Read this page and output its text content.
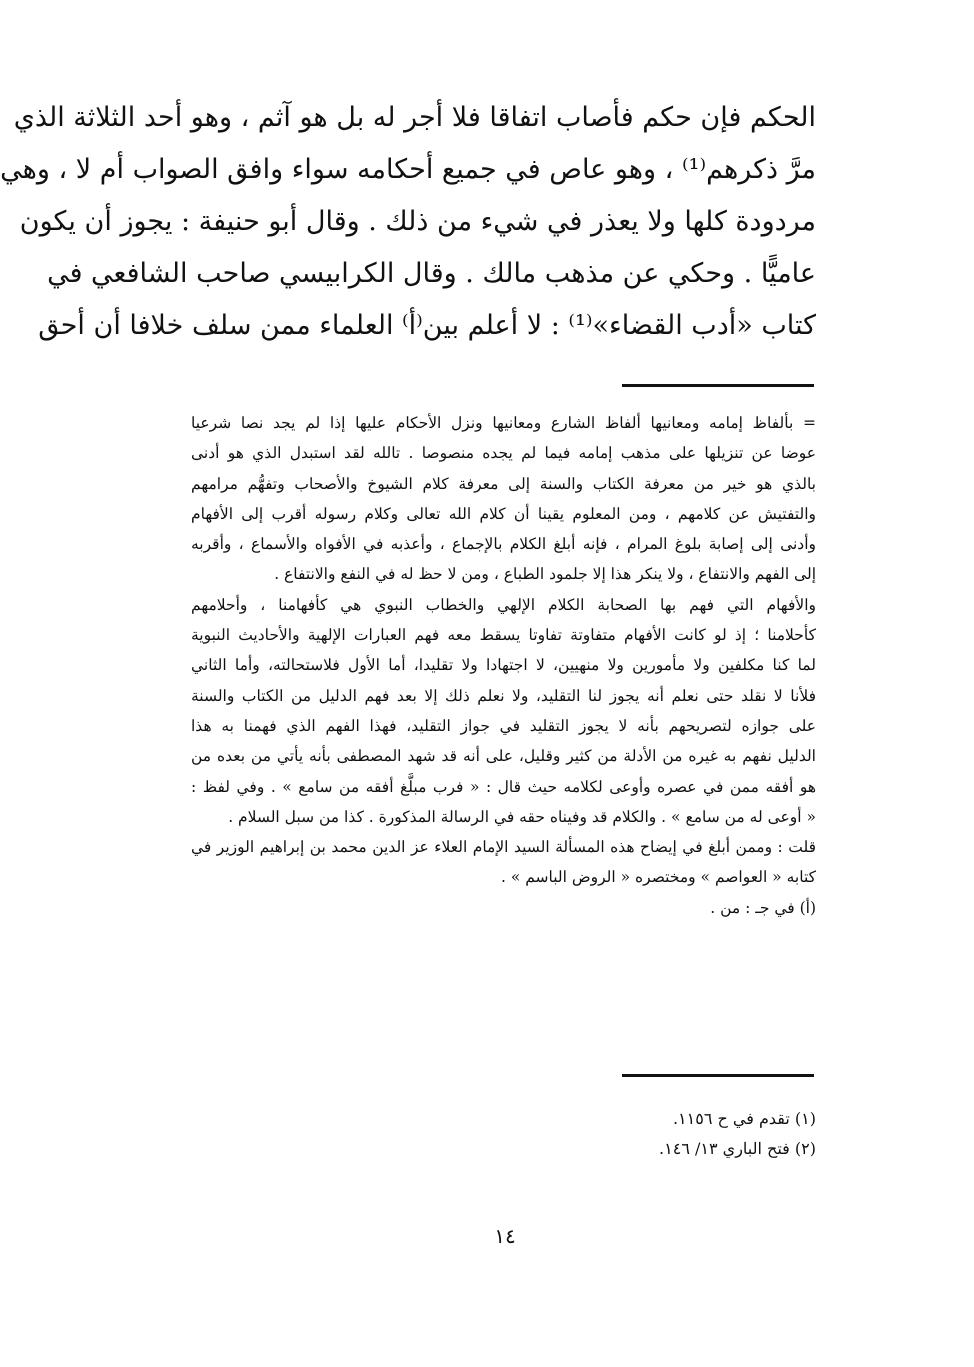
الحكم فإن حكم فأصاب اتفاقا فلا أجر له بل هو آثم ، وهو أحد الثلاثة الذي

مرَّ ذكرهم⁽¹⁾ ، وهو عاص في جميع أحكامه سواء وافق الصواب أم لا ، وهي

مردودة كلها ولا يعذر في شيء من ذلك . وقال أبو حنيفة : يجوز أن يكون

عاميًّا . وحكي عن مذهب مالك . وقال الكرابيسي صاحب الشافعي في

كتاب «أدب القضاء»⁽¹⁾ : لا أعلم بين⁽أ⁾ العلماء ممن سلف خلافا أن أحق

= بألفاظ إمامه ومعانيها ألفاظ الشارع ومعانيها ونزل الأحكام عليها إذا لم يجد نصا شرعيا

عوضا عن تنزيلها على مذهب إمامه فيما لم يجده منصوصا . تالله لقد استبدل الذي هو أدنى

بالذي هو خير من معرفة الكتاب والسنة إلى معرفة كلام الشيوخ والأصحاب وتفهُّم مرامهم

والتفتيش عن كلامهم ، ومن المعلوم يقينا أن كلام الله تعالى وكلام رسوله أقرب إلى الأفهام

وأدنى إلى إصابة بلوغ المرام ، فإنه أبلغ الكلام بالإجماع ، وأعذبه في الأفواه والأسماع ، وأقربه

إلى الفهم والانتفاع ، ولا ينكر هذا إلا جلمود الطباع ، ومن لا حظ له في النفع والانتفاع .

والأفهام التي فهم بها الصحابة الكلام الإلهي والخطاب النبوي هي كأفهامنا ، وأحلامهم

كأحلامنا ؛ إذ لو كانت الأفهام متفاوتة تفاوتا يسقط معه فهم العبارات الإلهية والأحاديث النبوية

لما كنا مكلفين ولا مأمورين ولا منهيين، لا اجتهادا ولا تقليدا، أما الأول فلاستحالته، وأما الثاني

فلأنا لا نقلد حتى نعلم أنه يجوز لنا التقليد، ولا نعلم ذلك إلا بعد فهم الدليل من الكتاب والسنة

على جوازه لتصريحهم بأنه لا يجوز التقليد في جواز التقليد، فهذا الفهم الذي فهمنا به هذا

الدليل نفهم به غيره من الأدلة من كثير وقليل، على أنه قد شهد المصطفى بأنه يأتي من بعده من

هو أفقه ممن في عصره وأوعى لكلامه حيث قال : « فرب مبلَّغ أفقه من سامع » . وفي لفظ :

« أوعى له من سامع » . والكلام قد وفيناه حقه في الرسالة المذكورة . كذا من سبل السلام .

قلت : وممن أبلغ في إيضاح هذه المسألة السيد الإمام العلاء عز الدين محمد بن إبراهيم الوزير في

كتابه « العواصم » ومختصره « الروض الباسم » .

(أ) في جـ : من .

(١) تقدم في ح ١١٥٦.

(٢) فتح الباري ١٣/ ١٤٦.

١٤
